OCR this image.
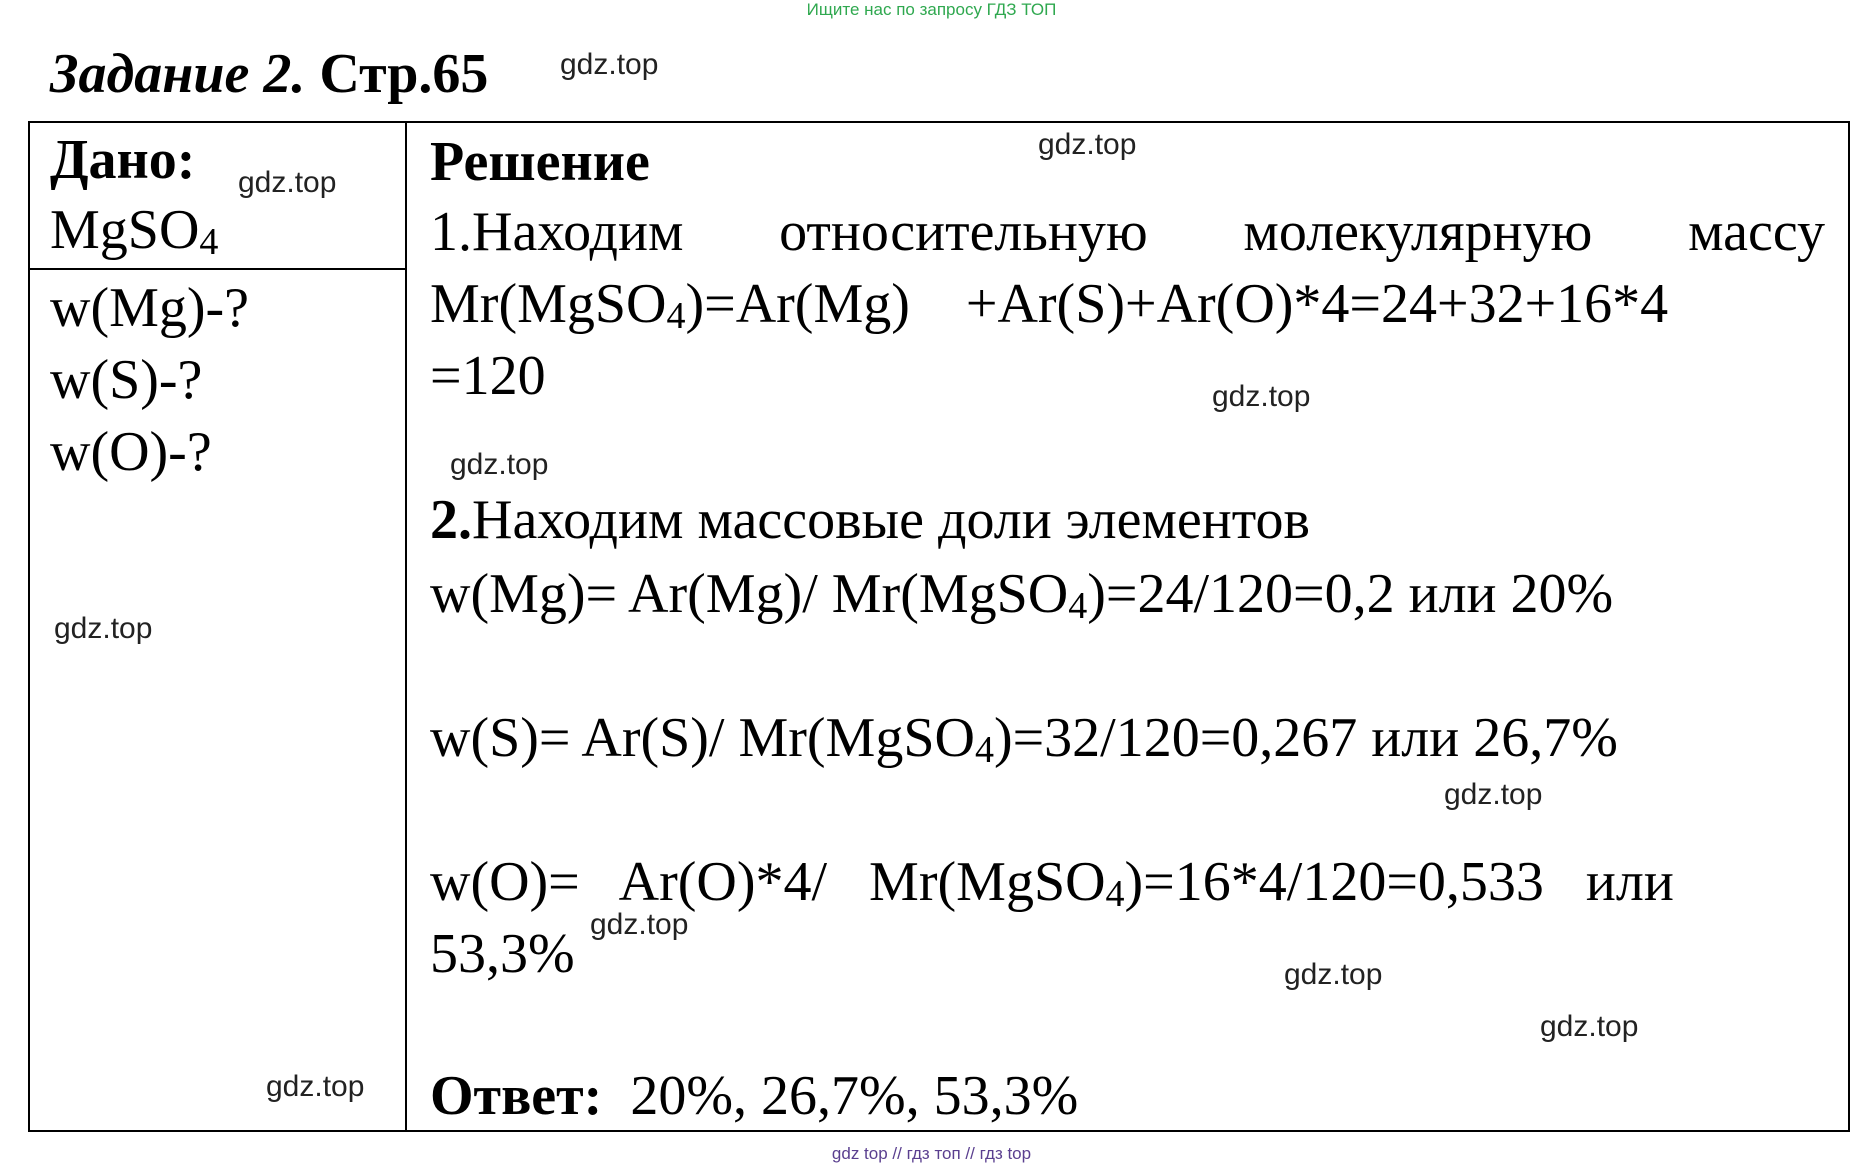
Ищите нас по запросу ГДЗ ТОП
Задание 2. Стр.65 gdz.top
Дано: gdz.top
MgSO$_4$
w(Mg)-?
w(S)-?
w(O)-?
gdz.top
gdz.top
Решение	gdz.top
1.Находим относительную молекулярную массу
Mr(MgSO$_4$)=Ar(Mg)    +Ar(S)+Ar(O)*4=24+32+16*4
=120	gdz.top
gdz.top
2.Находим массовые доли элементов
w(Mg)= Ar(Mg)/ Mr(MgSO$_4$)=24/120=0,2 или 20%
w(S)= Ar(S)/ Mr(MgSO$_4$)=32/120=0,267 или 26,7%
gdz.top
w(O)=   Ar(O)*4/   Mr(MgSO$_4$)=16*4/120=0,533   или
53,3% gdz.top
gdz.top
gdz.top
Ответ: 20%, 26,7%, 53,3%
gdz top // гдз топ // гдз top
